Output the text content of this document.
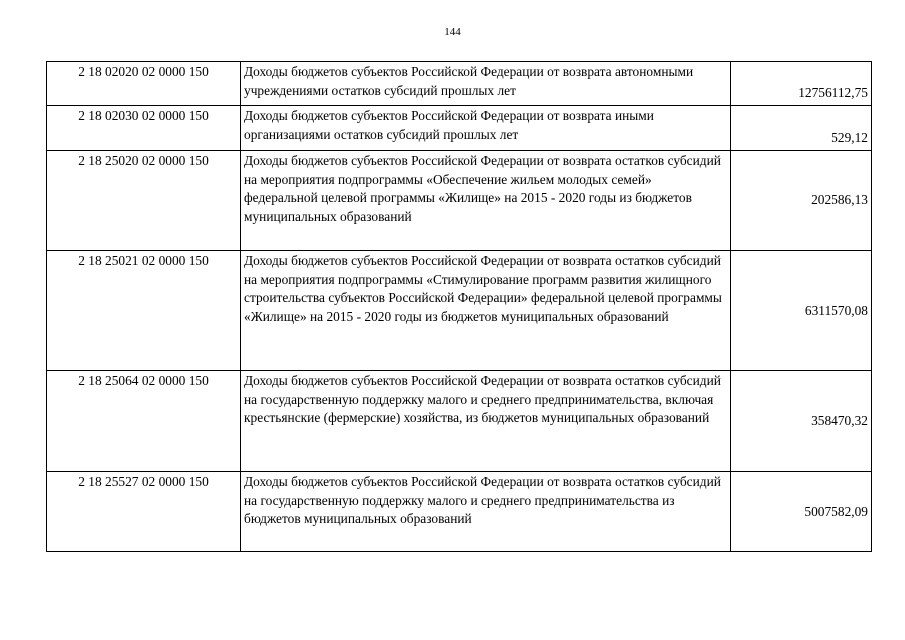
144
2 18 02020 02 0000 150	Доходы бюджетов субъектов Российской Федерации от возврата автономными учреждениями остатков субсидий прошлых лет	12756112,75
2 18 02030 02 0000 150	Доходы бюджетов субъектов Российской Федерации от возврата иными организациями остатков субсидий прошлых лет	529,12
2 18 25020 02 0000 150	Доходы бюджетов субъектов Российской Федерации от возврата остатков субсидий на мероприятия подпрограммы «Обеспечение жильем молодых семей» федеральной целевой программы «Жилище» на 2015 - 2020 годы из бюджетов муниципальных образований	202586,13
2 18 25021 02 0000 150	Доходы бюджетов субъектов Российской Федерации от возврата остатков субсидий на мероприятия подпрограммы «Стимулирование программ развития жилищного строительства субъектов Российской Федерации» федеральной целевой программы «Жилище» на 2015 - 2020 годы из бюджетов муниципальных образований	6311570,08
2 18 25064 02 0000 150	Доходы бюджетов субъектов Российской Федерации от возврата остатков субсидий на государственную поддержку малого и среднего предпринимательства, включая крестьянские (фермерские) хозяйства, из бюджетов муниципальных образований	358470,32
2 18 25527 02 0000 150	Доходы бюджетов субъектов Российской Федерации от возврата остатков субсидий на государственную поддержку малого и среднего предпринимательства из бюджетов муниципальных образований	5007582,09
